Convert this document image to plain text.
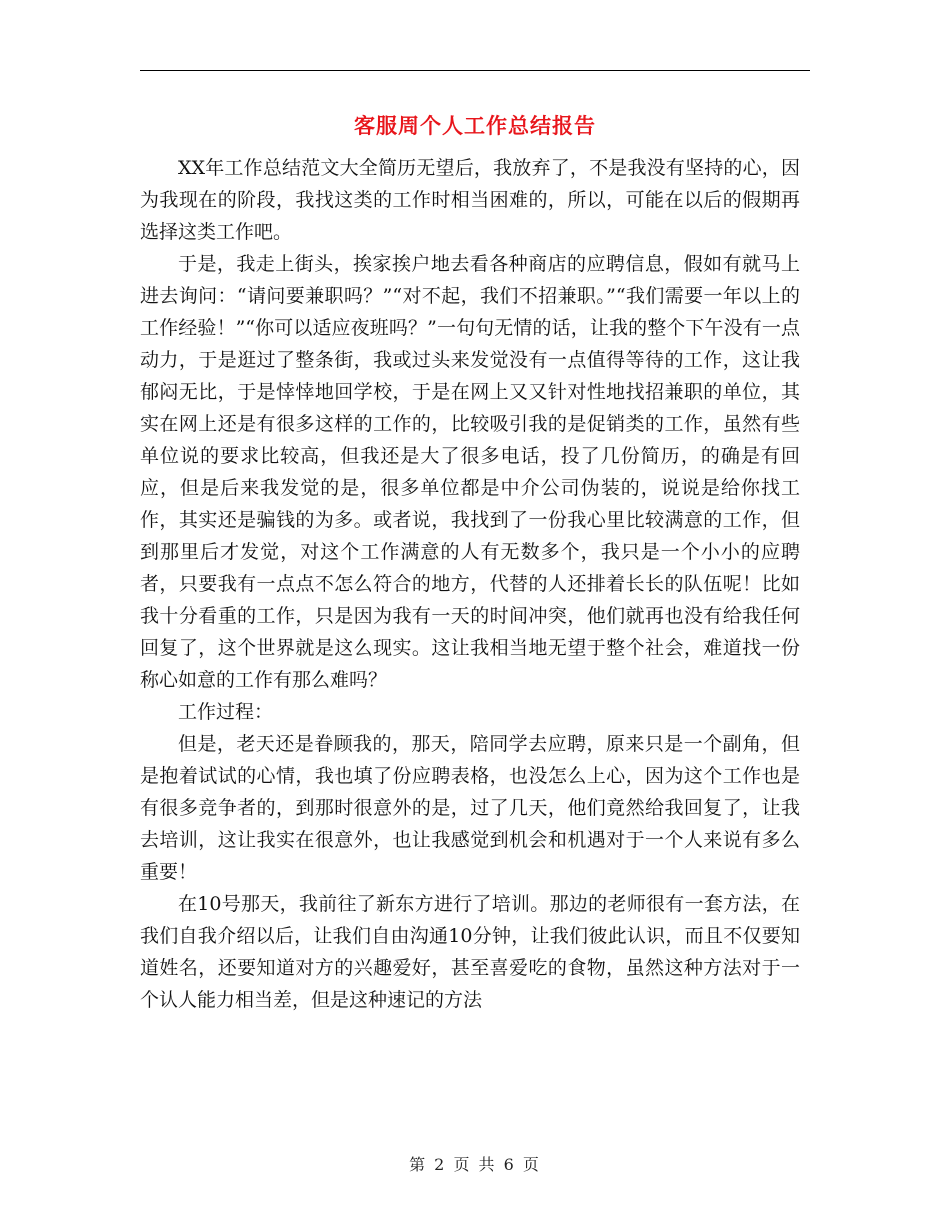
客服周个人工作总结报告

XX年工作总结范文大全简历无望后，我放弃了，不是我没有坚持的心，因为我现在的阶段，我找这类的工作时相当困难的，所以，可能在以后的假期再选择这类工作吧。

于是，我走上街头，挨家挨户地去看各种商店的应聘信息，假如有就马上进去询问：“请问要兼职吗？”“对不起，我们不招兼职。”“我们需要一年以上的工作经验！”“你可以适应夜班吗？”一句句无情的话，让我的整个下午没有一点动力，于是逛过了整条街，我或过头来发觉没有一点值得等待的工作，这让我郁闷无比，于是悻悻地回学校，于是在网上又又针对性地找招兼职的单位，其实在网上还是有很多这样的工作的，比较吸引我的是促销类的工作，虽然有些单位说的要求比较高，但我还是大了很多电话，投了几份简历，的确是有回应，但是后来我发觉的是，很多单位都是中介公司伪装的，说说是给你找工作，其实还是骗钱的为多。或者说，我找到了一份我心里比较满意的工作，但到那里后才发觉，对这个工作满意的人有无数多个，我只是一个小小的应聘者，只要我有一点点不怎么符合的地方，代替的人还排着长长的队伍呢！比如我十分看重的工作，只是因为我有一天的时间冲突，他们就再也没有给我任何回复了，这个世界就是这么现实。这让我相当地无望于整个社会，难道找一份称心如意的工作有那么难吗？

工作过程：

但是，老天还是眷顾我的，那天，陪同学去应聘，原来只是一个副角，但是抱着试试的心情，我也填了份应聘表格，也没怎么上心，因为这个工作也是有很多竞争者的，到那时很意外的是，过了几天，他们竟然给我回复了，让我去培训，这让我实在很意外，也让我感觉到机会和机遇对于一个人来说有多么重要！

在10号那天，我前往了新东方进行了培训。那边的老师很有一套方法，在我们自我介绍以后，让我们自由沟通10分钟，让我们彼此认识，而且不仅要知道姓名，还要知道对方的兴趣爱好，甚至喜爱吃的食物，虽然这种方法对于一个认人能力相当差，但是这种速记的方法

第 2 页 共 6 页
